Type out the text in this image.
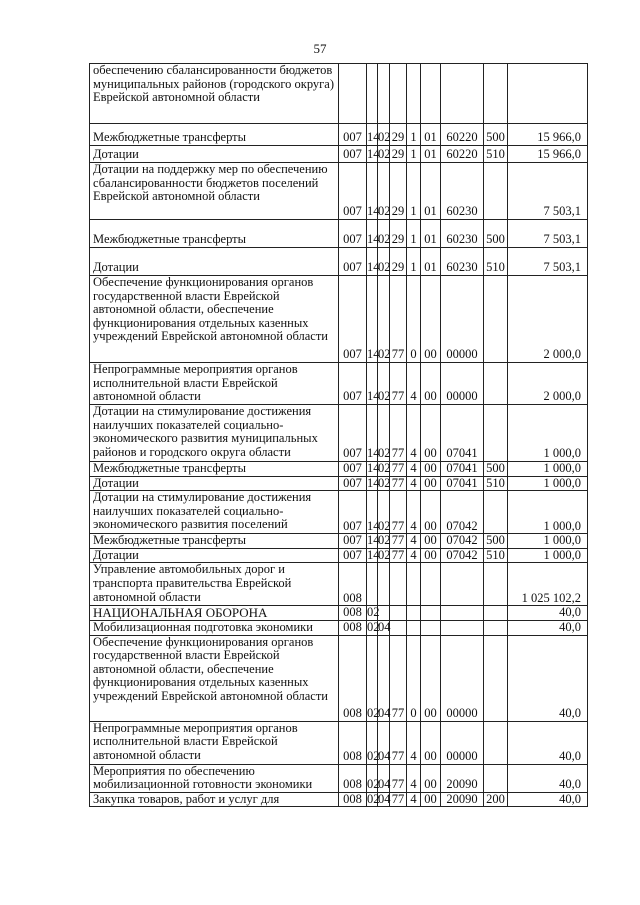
57
обеспечению сбалансированности бюджетов муниципальных районов (городского округа) Еврейской автономной области									
Межбюджетные трансферты	007	14	02	29	1	01	60220	500	15 966,0
Дотации	007	14	02	29	1	01	60220	510	15 966,0
Дотации на поддержку мер по обеспечению сбалансированности бюджетов поселений Еврейской автономной области	007	14	02	29	1	01	60230		7 503,1
Межбюджетные трансферты	007	14	02	29	1	01	60230	500	7 503,1
Дотации	007	14	02	29	1	01	60230	510	7 503,1
Обеспечение функционирования органов государственной власти Еврейской автономной области, обеспечение функционирования отдельных казенных учреждений Еврейской автономной области	007	14	02	77	0	00	00000		2 000,0
Непрограммные мероприятия органов исполнительной власти Еврейской автономной области	007	14	02	77	4	00	00000		2 000,0
Дотации на стимулирование достижения наилучших показателей социально-экономического развития муниципальных районов и городского округа области	007	14	02	77	4	00	07041		1 000,0
Межбюджетные трансферты	007	14	02	77	4	00	07041	500	1 000,0
Дотации	007	14	02	77	4	00	07041	510	1 000,0
Дотации на стимулирование достижения наилучших показателей социально-экономического развития поселений	007	14	02	77	4	00	07042		1 000,0
Межбюджетные трансферты	007	14	02	77	4	00	07042	500	1 000,0
Дотации	007	14	02	77	4	00	07042	510	1 000,0
Управление автомобильных дорог и транспорта правительства Еврейской автономной области	008								1 025 102,2
НАЦИОНАЛЬНАЯ ОБОРОНА	008	02							40,0
Мобилизационная подготовка экономики	008	02	04						40,0
Обеспечение функционирования органов государственной власти Еврейской автономной области, обеспечение функционирования отдельных казенных учреждений Еврейской автономной области	008	02	04	77	0	00	00000		40,0
Непрограммные мероприятия органов исполнительной власти Еврейской автономной области	008	02	04	77	4	00	00000		40,0
Мероприятия по обеспечению мобилизационной готовности экономики	008	02	04	77	4	00	20090		40,0
Закупка товаров, работ и услуг для	008	02	04	77	4	00	20090	200	40,0
